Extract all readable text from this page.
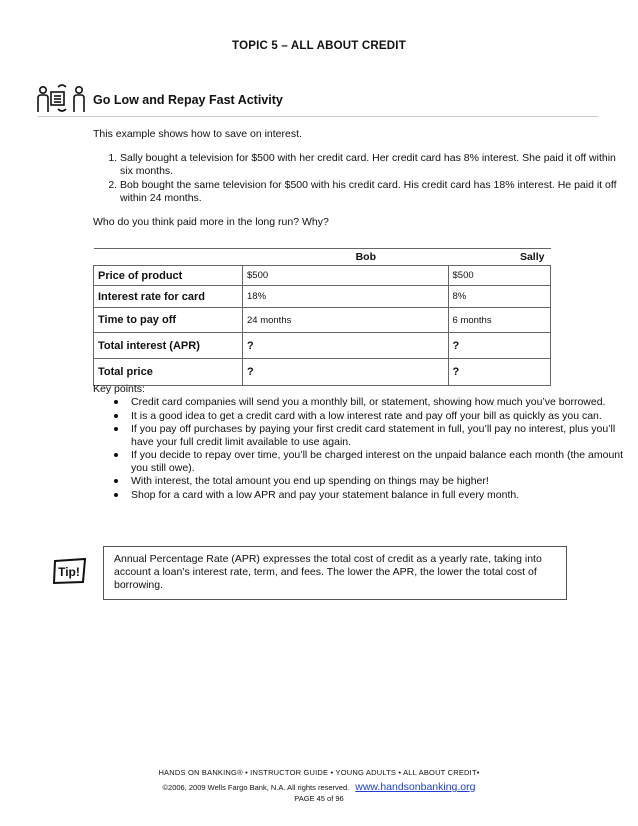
TOPIC 5 – ALL ABOUT CREDIT
Go Low and Repay Fast Activity
This example shows how to save on interest.
1. Sally bought a television for $500 with her credit card. Her credit card has 8% interest. She paid it off within six months.
2. Bob bought the same television for $500 with his credit card. His credit card has 18% interest. He paid it off within 24 months.
Who do you think paid more in the long run? Why?
	Bob	Sally
Price of product	$500	$500
Interest rate for card	18%	8%
Time to pay off	24 months	6 months
Total interest (APR)	?	?
Total price	?	?
Key points:
Credit card companies will send you a monthly bill, or statement, showing how much you’ve borrowed.
It is a good idea to get a credit card with a low interest rate and pay off your bill as quickly as you can.
If you pay off purchases by paying your first credit card statement in full, you’ll pay no interest, plus you’ll have your full credit limit available to use again.
If you decide to repay over time, you’ll be charged interest on the unpaid balance each month (the amount you still owe).
With interest, the total amount you end up spending on things may be higher!
Shop for a card with a low APR and pay your statement balance in full every month.
Tip!
Annual Percentage Rate (APR) expresses the total cost of credit as a yearly rate, taking into account a loan’s interest rate, term, and fees. The lower the APR, the lower the total cost of borrowing.
HANDS ON BANKING® • INSTRUCTOR GUIDE • YOUNG ADULTS • ALL ABOUT CREDIT•
©2006, 2009 Wells Fargo Bank, N.A. All rights reserved. www.handsonbanking.org
PAGE 45 of 96
